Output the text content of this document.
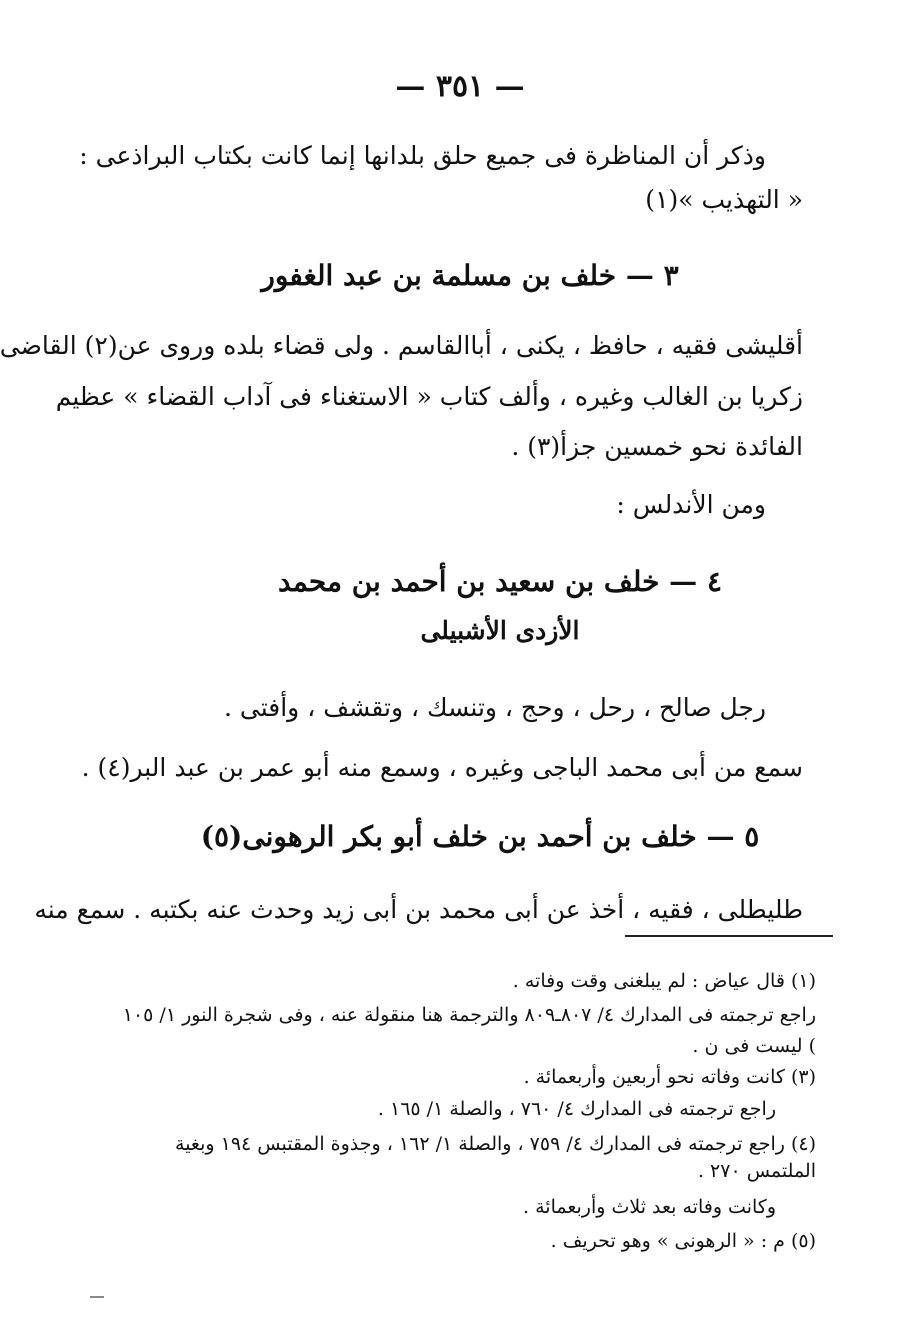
— ٣٥١ —
وذكر أن المناظرة فى جميع حلق بلدانها إنما كانت بكتاب البراذعى :
« التهذيب »(١)
٣ — خلف بن مسلمة بن عبد الغفور
أقليشى فقيه ، حافظ ، يكنى ، أباالقاسم . ولى قضاء بلده وروى عن(٢) القاضى
زكريا بن الغالب وغيره ، وألف كتاب « الاستغناء فى آداب القضاء » عظيم
الفائدة نحو خمسين جزأ(٣) .
ومن الأندلس :
٤ — خلف بن سعيد بن أحمد بن محمد
الأزدى الأشبيلى
رجل صالح ، رحل ، وحج ، وتنسك ، وتقشف ، وأفتى .
سمع من أبى محمد الباجى وغيره ، وسمع منه أبو عمر بن عبد البر(٤) .
٥ — خلف بن أحمد بن خلف أبو بكر الرهونى(٥)
طليطلى ، فقيه ، أخذ عن أبى محمد بن أبى زيد وحدث عنه بكتبه . سمع منه
(١) قال عياض : لم يبلغنى وقت وفاته .
راجع ترجمته فى المدارك ٤/ ٨٠٧ـ٨٠٩ والترجمة هنا منقولة عنه ، وفى شجرة النور ١/ ١٠٥
) ليست فى ن .
(٣) كانت وفاته نحو أربعين وأربعمائة .
راجع ترجمته فى المدارك ٤/ ٧٦٠ ، والصلة ١/ ١٦٥ .
(٤) راجع ترجمته فى المدارك ٤/ ٧٥٩ ، والصلة ١/ ١٦٢ ، وجذوة المقتبس ١٩٤ وبغية
الملتمس ٢٧٠ .
وكانت وفاته بعد ثلاث وأربعمائة .
(٥) م : « الرهونى » وهو تحريف .
